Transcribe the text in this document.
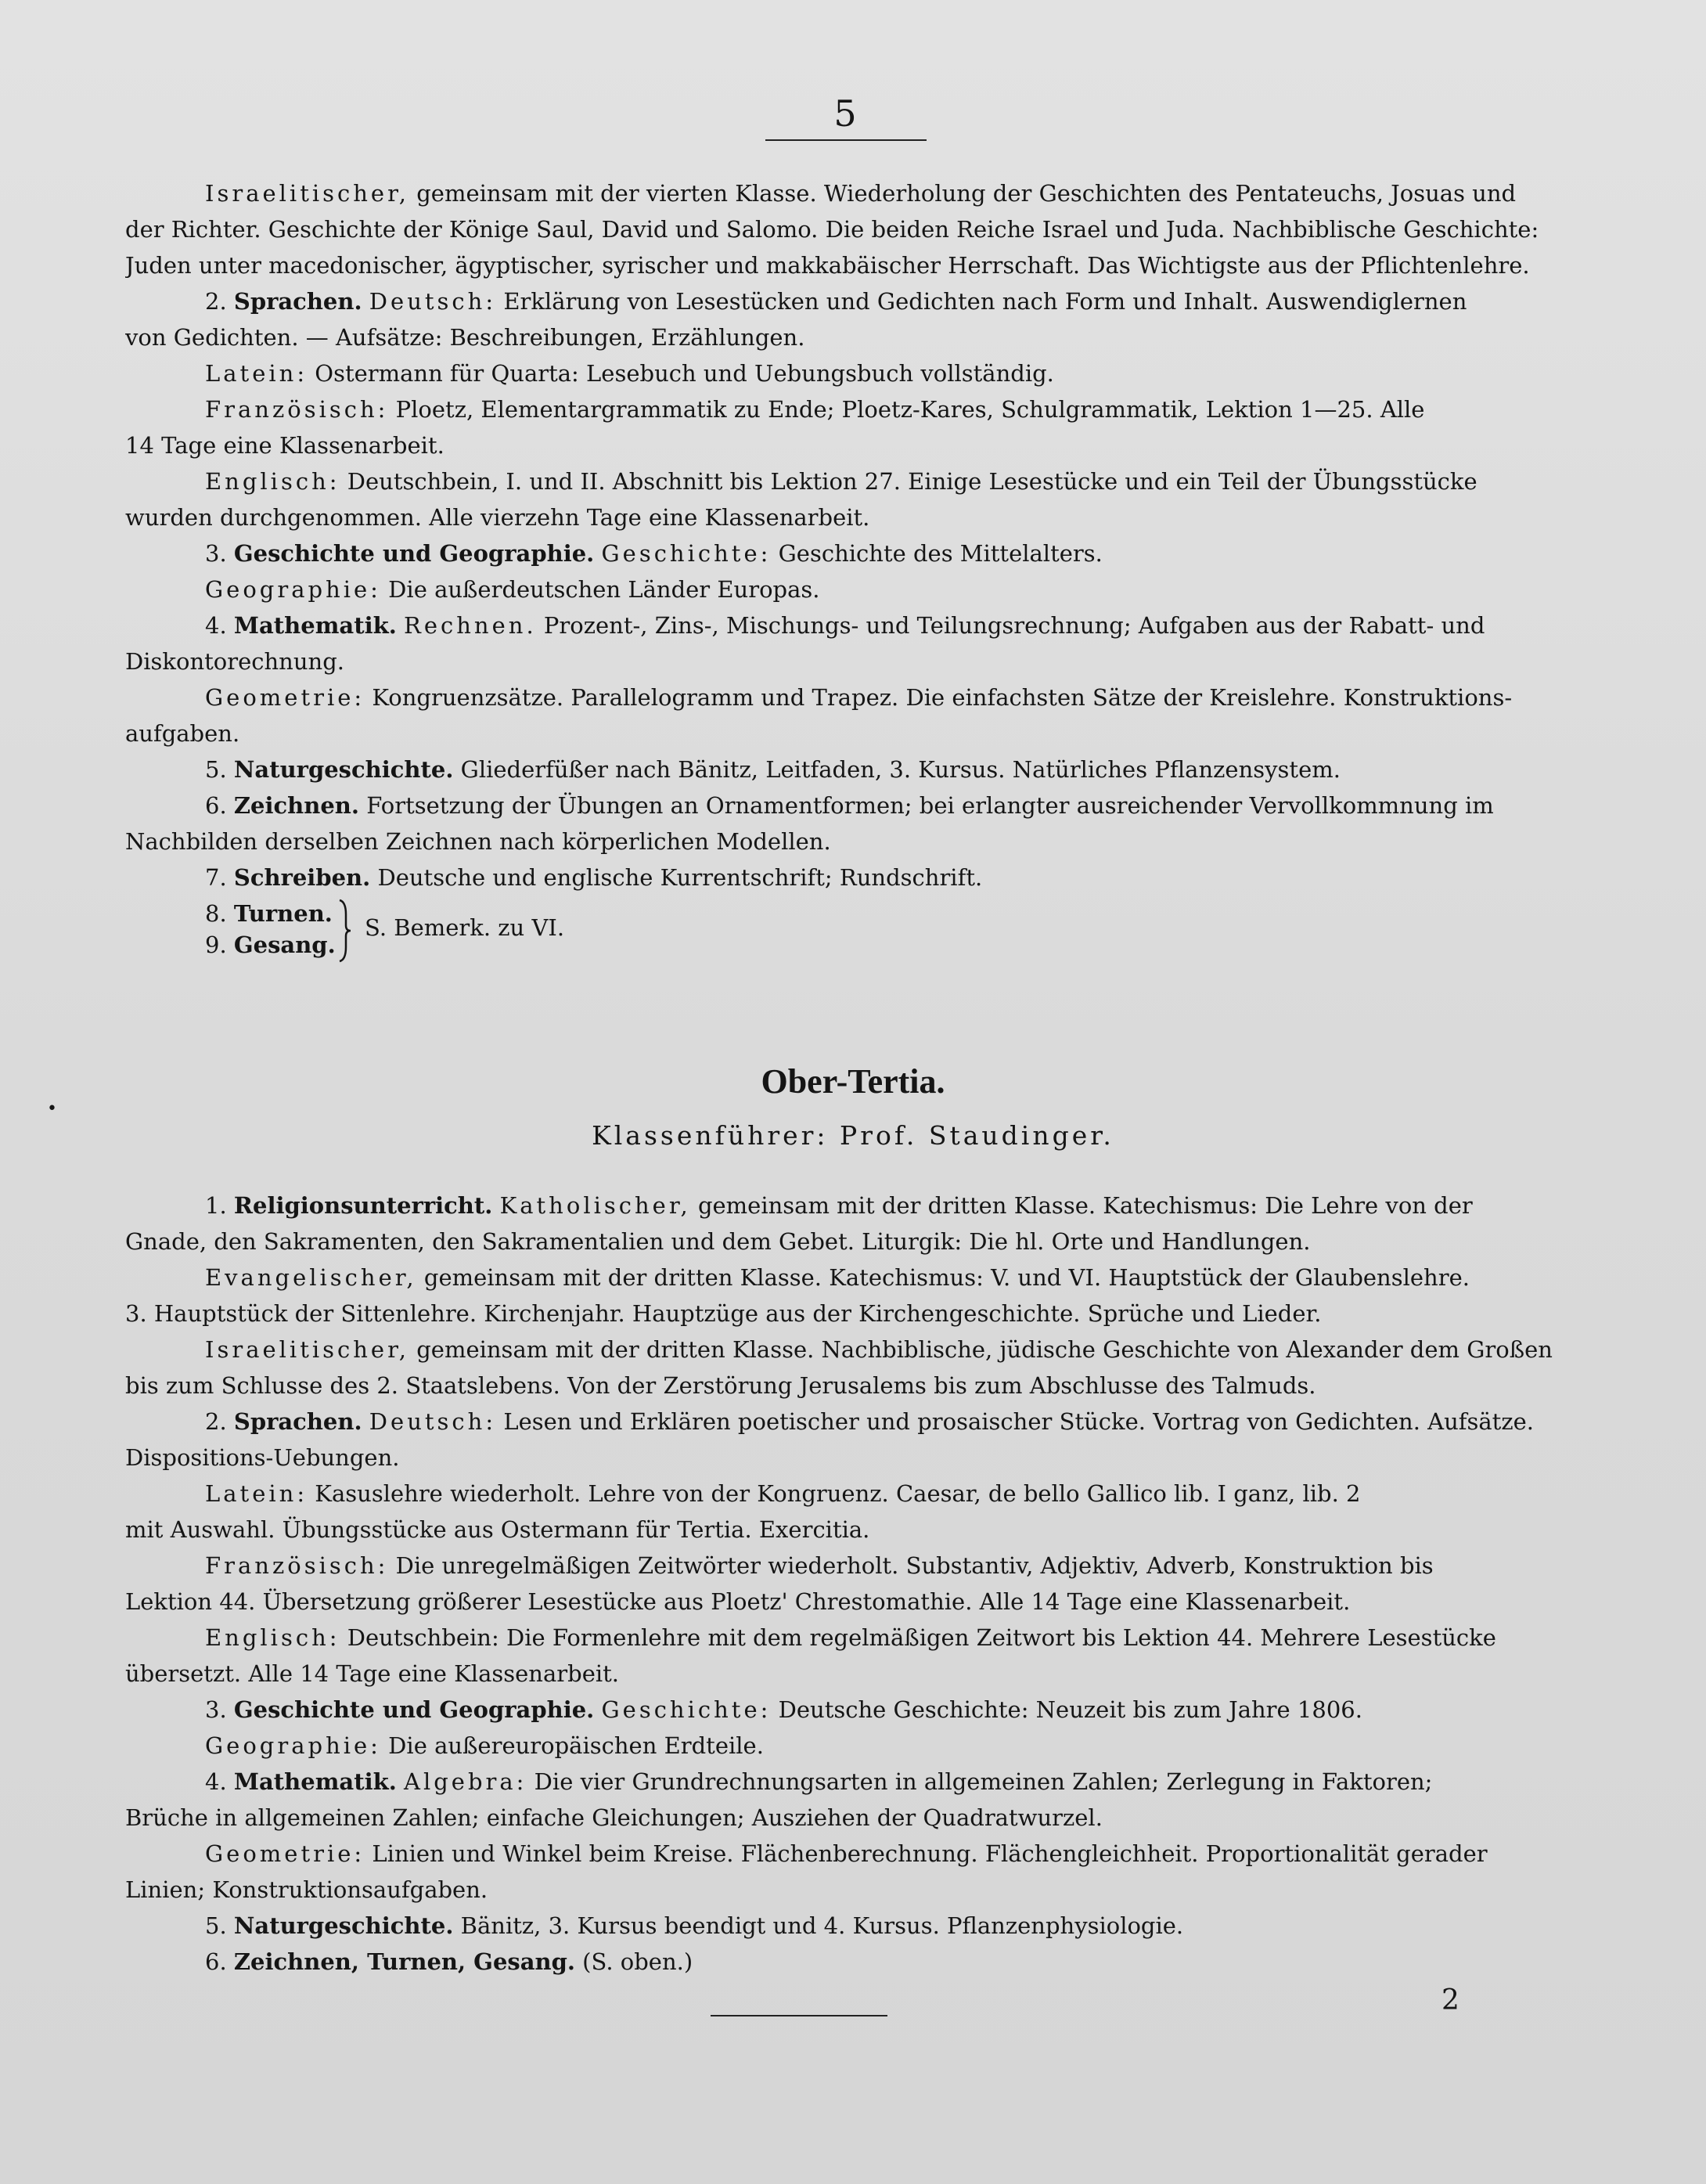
5
•
Israelitischer, gemeinsam mit der vierten Klasse. Wiederholung der Geschichten des Pentateuchs, Josuas und
der Richter. Geschichte der Könige Saul, David und Salomo. Die beiden Reiche Israel und Juda. Nachbiblische Geschichte:
Juden unter macedonischer, ägyptischer, syrischer und makkabäischer Herrschaft. Das Wichtigste aus der Pflichtenlehre.
2. Sprachen. Deutsch: Erklärung von Lesestücken und Gedichten nach Form und Inhalt. Auswendiglernen
von Gedichten. — Aufsätze: Beschreibungen, Erzählungen.
Latein: Ostermann für Quarta: Lesebuch und Uebungsbuch vollständig.
Französisch: Ploetz, Elementargrammatik zu Ende; Ploetz-Kares, Schulgrammatik, Lektion 1—25. Alle
14 Tage eine Klassenarbeit.
Englisch: Deutschbein, I. und II. Abschnitt bis Lektion 27. Einige Lesestücke und ein Teil der Übungsstücke
wurden durchgenommen. Alle vierzehn Tage eine Klassenarbeit.
3. Geschichte und Geographie. Geschichte: Geschichte des Mittelalters.
Geographie: Die außerdeutschen Länder Europas.
4. Mathematik. Rechnen. Prozent-, Zins-, Mischungs- und Teilungsrechnung; Aufgaben aus der Rabatt- und
Diskontorechnung.
Geometrie: Kongruenzsätze. Parallelogramm und Trapez. Die einfachsten Sätze der Kreislehre. Konstruktions-
aufgaben.
5. Naturgeschichte. Gliederfüßer nach Bänitz, Leitfaden, 3. Kursus. Natürliches Pflanzensystem.
6. Zeichnen. Fortsetzung der Übungen an Ornamentformen; bei erlangter ausreichender Vervollkommnung im
Nachbilden derselben Zeichnen nach körperlichen Modellen.
7. Schreiben. Deutsche und englische Kurrentschrift; Rundschrift.
8. Turnen.
9. Gesang.
1. Religionsunterricht. Katholischer, gemeinsam mit der dritten Klasse. Katechismus: Die Lehre von der
Gnade, den Sakramenten, den Sakramentalien und dem Gebet. Liturgik: Die hl. Orte und Handlungen.
Evangelischer, gemeinsam mit der dritten Klasse. Katechismus: V. und VI. Hauptstück der Glaubenslehre.
3. Hauptstück der Sittenlehre. Kirchenjahr. Hauptzüge aus der Kirchengeschichte. Sprüche und Lieder.
Israelitischer, gemeinsam mit der dritten Klasse. Nachbiblische, jüdische Geschichte von Alexander dem Großen
bis zum Schlusse des 2. Staatslebens. Von der Zerstörung Jerusalems bis zum Abschlusse des Talmuds.
2. Sprachen. Deutsch: Lesen und Erklären poetischer und prosaischer Stücke. Vortrag von Gedichten. Aufsätze.
Dispositions-Uebungen.
Latein: Kasuslehre wiederholt. Lehre von der Kongruenz. Caesar, de bello Gallico lib. I ganz, lib. 2
mit Auswahl. Übungsstücke aus Ostermann für Tertia. Exercitia.
Französisch: Die unregelmäßigen Zeitwörter wiederholt. Substantiv, Adjektiv, Adverb, Konstruktion bis
Lektion 44. Übersetzung größerer Lesestücke aus Ploetz' Chrestomathie. Alle 14 Tage eine Klassenarbeit.
Englisch: Deutschbein: Die Formenlehre mit dem regelmäßigen Zeitwort bis Lektion 44. Mehrere Lesestücke
übersetzt. Alle 14 Tage eine Klassenarbeit.
3. Geschichte und Geographie. Geschichte: Deutsche Geschichte: Neuzeit bis zum Jahre 1806.
Geographie: Die außereuropäischen Erdteile.
4. Mathematik. Algebra: Die vier Grundrechnungsarten in allgemeinen Zahlen; Zerlegung in Faktoren;
Brüche in allgemeinen Zahlen; einfache Gleichungen; Ausziehen der Quadratwurzel.
Geometrie: Linien und Winkel beim Kreise. Flächenberechnung. Flächengleichheit. Proportionalität gerader
Linien; Konstruktionsaufgaben.
5. Naturgeschichte. Bänitz, 3. Kursus beendigt und 4. Kursus. Pflanzenphysiologie.
6. Zeichnen, Turnen, Gesang. (S. oben.)
S. Bemerk. zu VI.
Ober-Tertia.
Klassenführer: Prof. Staudinger.
2
